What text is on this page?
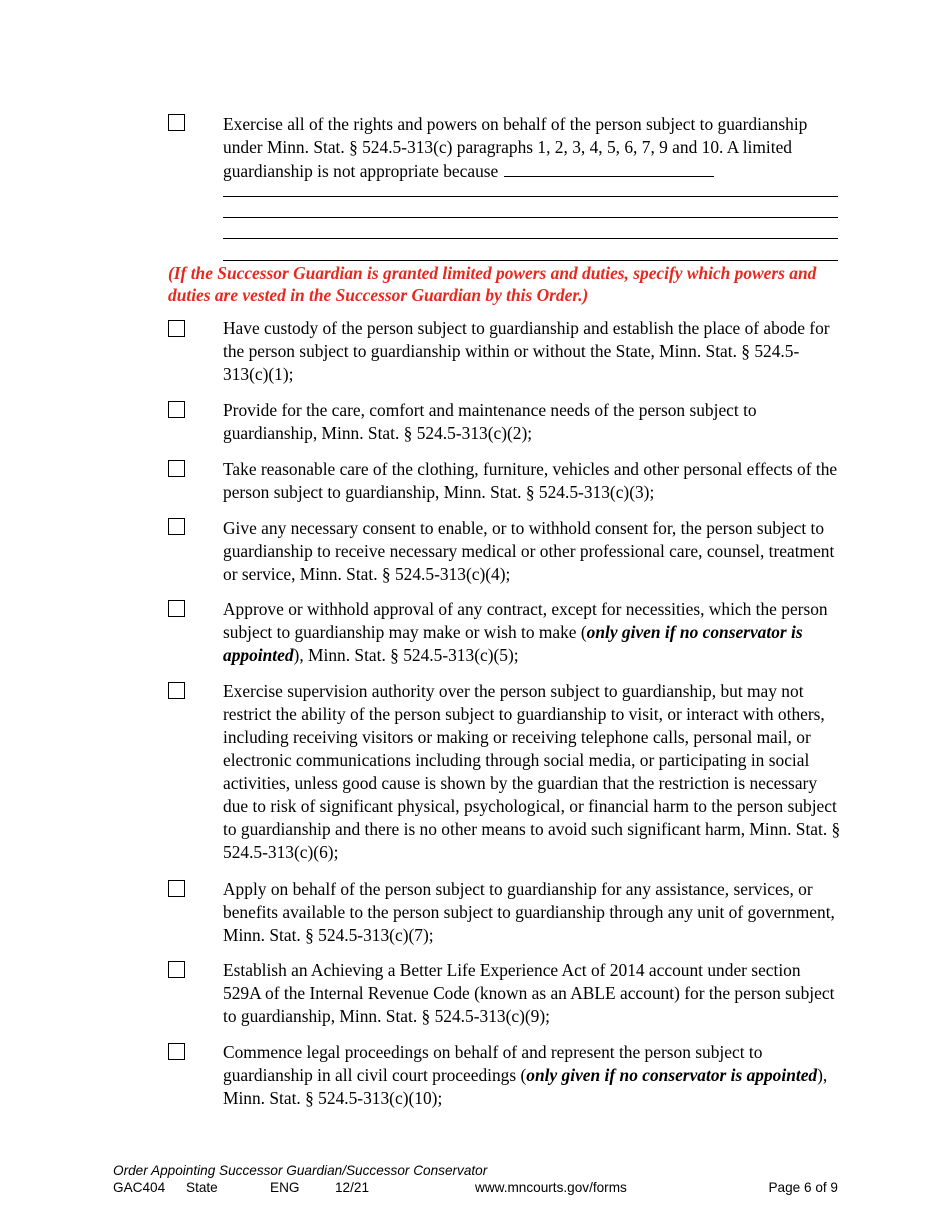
Exercise all of the rights and powers on behalf of the person subject to guardianship under Minn. Stat. § 524.5-313(c) paragraphs 1, 2, 3, 4, 5, 6, 7, 9 and 10. A limited guardianship is not appropriate because
(If the Successor Guardian is granted limited powers and duties, specify which powers and duties are vested in the Successor Guardian by this Order.)
Have custody of the person subject to guardianship and establish the place of abode for the person subject to guardianship within or without the State, Minn. Stat. § 524.5-313(c)(1);
Provide for the care, comfort and maintenance needs of the person subject to guardianship, Minn. Stat. § 524.5-313(c)(2);
Take reasonable care of the clothing, furniture, vehicles and other personal effects of the person subject to guardianship, Minn. Stat. § 524.5-313(c)(3);
Give any necessary consent to enable, or to withhold consent for, the person subject to guardianship to receive necessary medical or other professional care, counsel, treatment or service, Minn. Stat. § 524.5-313(c)(4);
Approve or withhold approval of any contract, except for necessities, which the person subject to guardianship may make or wish to make (only given if no conservator is appointed), Minn. Stat. § 524.5-313(c)(5);
Exercise supervision authority over the person subject to guardianship, but may not restrict the ability of the person subject to guardianship to visit, or interact with others, including receiving visitors or making or receiving telephone calls, personal mail, or electronic communications including through social media, or participating in social activities, unless good cause is shown by the guardian that the restriction is necessary due to risk of significant physical, psychological, or financial harm to the person subject to guardianship and there is no other means to avoid such significant harm, Minn. Stat. § 524.5-313(c)(6);
Apply on behalf of the person subject to guardianship for any assistance, services, or benefits available to the person subject to guardianship through any unit of government, Minn. Stat. § 524.5-313(c)(7);
Establish an Achieving a Better Life Experience Act of 2014 account under section 529A of the Internal Revenue Code (known as an ABLE account) for the person subject to guardianship, Minn. Stat. § 524.5-313(c)(9);
Commence legal proceedings on behalf of and represent the person subject to guardianship in all civil court proceedings (only given if no conservator is appointed), Minn. Stat. § 524.5-313(c)(10);
Order Appointing Successor Guardian/Successor Conservator
GAC404 State	ENG	12/21	www.mncourts.gov/forms	Page 6 of 9
